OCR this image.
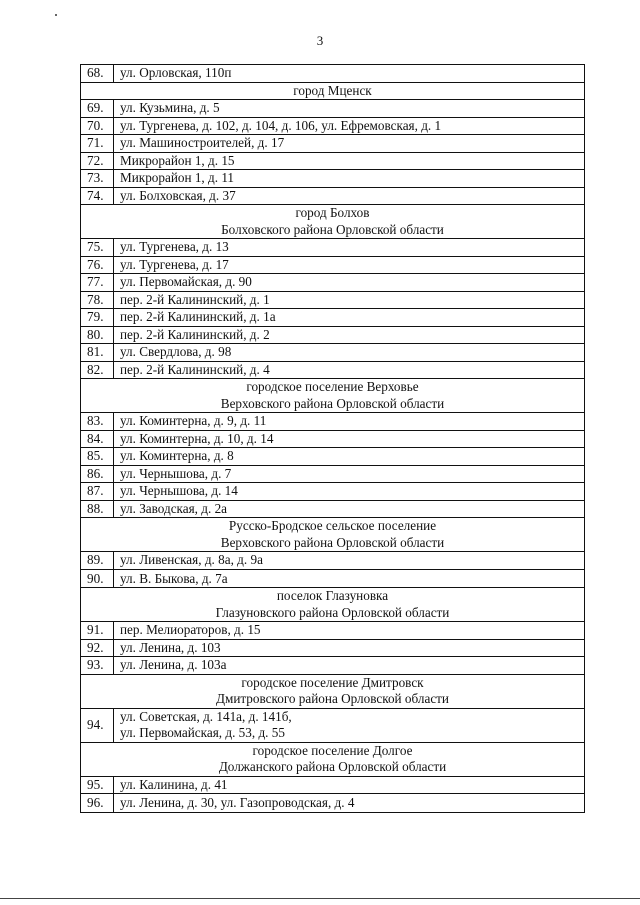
3
68.	ул. Орловская, 110п

город Мценск	

69.	ул. Кузьмина, д. 5

70.	ул. Тургенева, д. 102, д. 104, д. 106, ул. Ефремовская, д. 1

71.	ул. Машиностроителей, д. 17

72.	Микрорайон 1, д. 15

73.	Микрорайон 1, д. 11

74.	ул. Болховская, д. 37

город Болхов
Болховского района Орловской области	

75.	ул. Тургенева, д. 13

76.	ул. Тургенева, д. 17

77.	ул. Первомайская, д. 90

78.	пер. 2-й Калининский, д. 1

79.	пер. 2-й Калининский, д. 1а

80.	пер. 2-й Калининский, д. 2

81.	ул. Свердлова, д. 98

82.	пер. 2-й Калининский, д. 4

городское поселение Верховье
Верховского района Орловской области	

83.	ул. Коминтерна, д. 9, д. 11

84.	ул. Коминтерна, д. 10, д. 14

85.	ул. Коминтерна, д. 8

86.	ул. Чернышова, д. 7

87.	ул. Чернышова, д. 14

88.	ул. Заводская, д. 2а

Русско-Бродское сельское поселение
Верховского района Орловской области	

89.	ул. Ливенская, д. 8а, д. 9а

90.	ул. В. Быкова, д. 7а

поселок Глазуновка
Глазуновского района Орловской области	

91.	пер. Мелиораторов, д. 15

92.	ул. Ленина, д. 103

93.	ул. Ленина, д. 103а

городское поселение Дмитровск
Дмитровского района Орловской области	

94.	ул. Советская, д. 141а, д. 141б,
ул. Первомайская, д. 53, д. 55

городское поселение Долгое
Должанского района Орловской области	

95.	ул. Калинина, д. 41

96.	ул. Ленина, д. 30, ул. Газопроводская, д. 4
